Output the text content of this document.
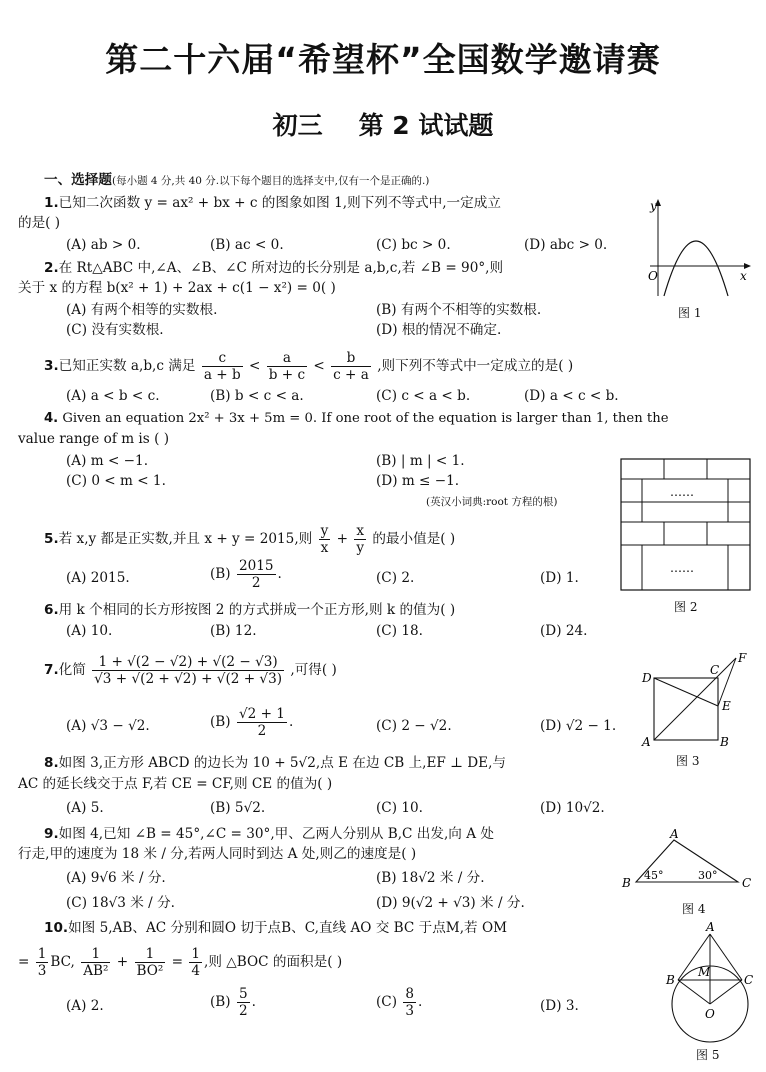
第二十六届“希望杯”全国数学邀请赛
初三 第 2 试试题
一、选择题(每小题 4 分,共 40 分.以下每个题目的选择支中,仅有一个是正确的.)
1.已知二次函数 y = ax² + bx + c 的图象如图 1,则下列不等式中,一定成立
的是( )
(A) ab > 0.	(B) ac < 0.	(C) bc > 0.	(D) abc > 0.
2.在 Rt△ABC 中,∠A、∠B、∠C 所对边的长分别是 a,b,c,若 ∠B = 90°,则
关于 x 的方程 b(x² + 1) + 2ax + c(1 − x²) = 0( )
(A) 有两个相等的实数根.	(B) 有两个不相等的实数根.
(C) 没有实数根.	(D) 根的情况不确定.
3.已知正实数 a,b,c 满足 $\frac{c}{a + b} < \frac{a}{b + c} < \frac{b}{c + a}$ ,则下列不等式中一定成立的是( )
(A) a < b < c.	(B) b < c < a.	(C) c < a < b.	(D) a < c < b.
4. Given an equation 2x² + 3x + 5m = 0. If one root of the equation is larger than 1, then the
value range of m is ( )
(A) m < −1.	(B) | m | < 1.
(C) 0 < m < 1.	(D) m ≤ −1.
(英汉小词典:root 方程的根)
5.若 x,y 都是正实数,并且 x + y = 2015,则 $\frac{y}{x} + \frac{x}{y}$ 的最小值是( )
(A) 2015.	$(B) \frac{2015}{2}$ .	(C) 2.	(D) 1.
6.用 k 个相同的长方形按图 2 的方式拼成一个正方形,则 k 的值为( )
(A) 10.	(B) 12.	(C) 18.	(D) 24.
7.化简 $\frac{1 + √(2 - √2) + √(2 - √3)}{√3 + √(2 + √2) + √(2 + √3)}$ ,可得( )
(A) √3 − √2.	$(B) \frac{√2 + 1}{2}$ .	(C) 2 − √2.	(D) √2 − 1.
8.如图 3,正方形 ABCD 的边长为 10 + 5√2,点 E 在边 CB 上,EF ⊥ DE,与
AC 的延长线交于点 F,若 CE = CF,则 CE 的值为( )
(A) 5.	(B) 5√2.	(C) 10.	(D) 10√2.
9.如图 4,已知 ∠B = 45°,∠C = 30°,甲、乙两人分别从 B,C 出发,向 A 处
行走,甲的速度为 18 米 / 分,若两人同时到达 A 处,则乙的速度是( )
(A) 9√6 米 / 分.	(B) 18√2 米 / 分.
(C) 18√3 米 / 分.	(D) 9(√2 + √3) 米 / 分.
10.如图 5,AB、AC 分别和圆O 切于点B、C,直线 AO 交 BC 于点M,若 OM
= $\frac{1}{3}$ BC, $\frac{1}{\text{AB²}} + \frac{1}{\text{BO²}} = \frac{1}{4}$ ,则 △BOC 的面积是( )
(A) 2.	$(B) \frac{5}{2}$ .	$(C) \frac{8}{3}$ .	(D) 3.
y
x
O
图 1
……
……
图 2
D
C
F
E
A	B
图 3
A
B	C
45°	30°
图 4
A
B	C
M
O
图 5
